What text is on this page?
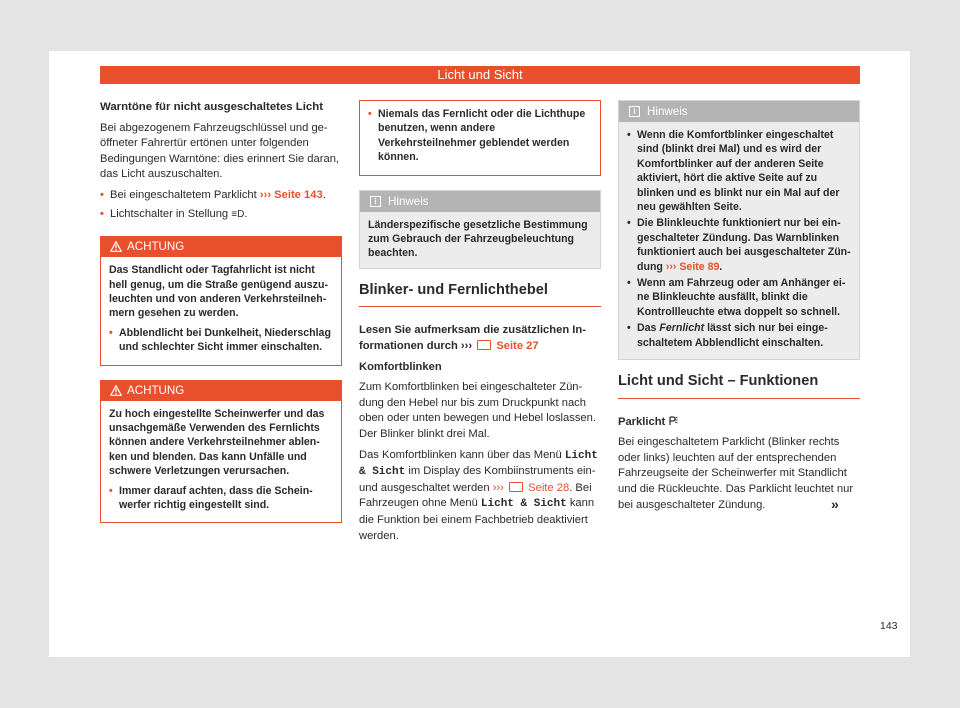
Licht und Sicht

Warntöne für nicht ausgeschaltetes Licht

Bei abgezogenem Fahrzeugschlüssel und geöffneter Fahrertür ertönen unter folgenden Bedingungen Warntöne: dies erinnert Sie daran, das Licht auszuschalten.

• Bei eingeschaltetem Parklicht ››› Seite 143.
• Lichtschalter in Stellung ≡D.
ACHTUNG

Das Standlicht oder Tagfahrlicht ist nicht hell genug, um die Straße genügend auszuleuchten und von anderen Verkehrsteilnehmern gesehen zu werden.

• Abblendlicht bei Dunkelheit, Niederschlag und schlechter Sicht immer einschalten.
ACHTUNG

Zu hoch eingestellte Scheinwerfer und das unsachgemäße Verwenden des Fernlichts können andere Verkehrsteilnehmer ablenken und blenden. Das kann Unfälle und schwere Verletzungen verursachen.

• Immer darauf achten, dass die Scheinwerfer richtig eingestellt sind.
• Niemals das Fernlicht oder die Lichthupe benutzen, wenn andere Verkehrsteilnehmer geblendet werden können.
i Hinweis
Länderspezifische gesetzliche Bestimmung zum Gebrauch der Fahrzeugbeleuchtung beachten.
Blinker- und Fernlichthebel

Lesen Sie aufmerksam die zusätzlichen Informationen durch ›››  Seite 27

Komfortblinken

Zum Komfortblinken bei eingeschalteter Zündung den Hebel nur bis zum Druckpunkt nach oben oder unten bewegen und Hebel loslassen. Der Blinker blinkt drei Mal.

Das Komfortblinken kann über das Menü Licht & Sicht im Display des Kombiinstruments ein- und ausgeschaltet werden ›››  Seite 28. Bei Fahrzeugen ohne Menü Licht & Sicht kann die Funktion bei einem Fachbetrieb deaktiviert werden.

i Hinweis
• Wenn die Komfortblinker eingeschaltet sind (blinkt drei Mal) und es wird der Komfortblinker auf der anderen Seite aktiviert, hört die aktive Seite auf zu blinken und es blinkt nur ein Mal auf der neu gewählten Seite.
• Die Blinkleuchte funktioniert nur bei eingeschalteter Zündung. Das Warnblinken funktioniert auch bei ausgeschalteter Zündung ››› Seite 89.
• Wenn am Fahrzeug oder am Anhänger eine Blinkleuchte ausfällt, blinkt die Kontrollleuchte etwa doppelt so schnell.
• Das Fernlicht lässt sich nur bei eingeschaltetem Abblendlicht einschalten.
Licht und Sicht – Funktionen

Parklicht

Bei eingeschaltetem Parklicht (Blinker rechts oder links) leuchten auf der entsprechenden Fahrzeugseite der Scheinwerfer mit Standlicht und die Rückleuchte. Das Parklicht leuchtet nur bei ausgeschalteter Zündung.	»
143
